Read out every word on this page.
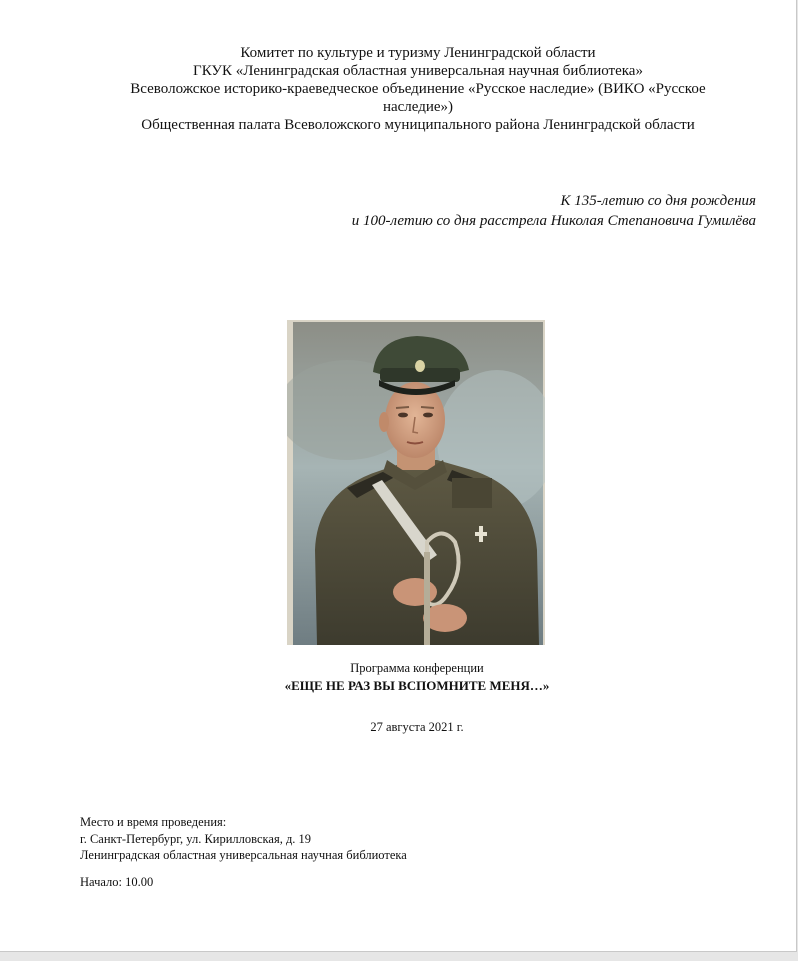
Комитет по культуре и туризму Ленинградской области
ГКУК «Ленинградская областная универсальная научная библиотека»
Всеволожское историко-краеведческое объединение «Русское наследие» (ВИКО «Русское
наследие»)
Общественная палата Всеволожского муниципального района Ленинградской области
К 135-летию со дня рождения
и 100-летию со дня расстрела Николая Степановича Гумилёва
Программа конференции
«ЕЩЕ НЕ РАЗ ВЫ ВСПОМНИТЕ МЕНЯ…»
27 августа 2021 г.
Место и время проведения:
г. Санкт-Петербург, ул. Кирилловская, д. 19
Ленинградская областная универсальная научная библиотека
Начало: 10.00
